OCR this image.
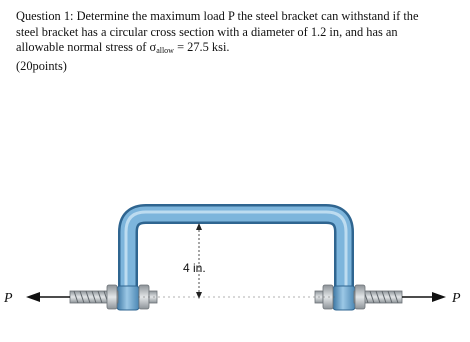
Question 1: Determine the maximum load P the steel bracket can withstand if the
steel bracket has a circular cross section with a diameter of 1.2 in, and has an
allowable normal stress of $\sigma_{allow} = 27.5$ ksi.
(20points)
4 in.
P	P
